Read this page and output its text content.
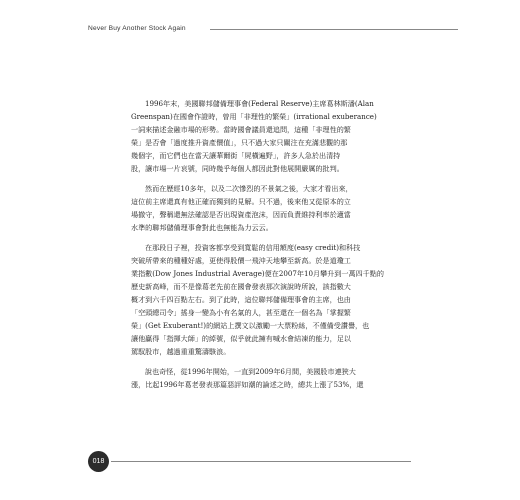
Never Buy Another Stock Again
1996年末，美國聯邦儲備理事會(Federal Reserve)主席葛林斯潘(Alan
Greenspan)在國會作證時，曾用「非理性的繁榮」(irrational exuberance)
一詞來描述金融市場的形勢。當時國會議員還追問，這種「非理性的繁
榮」是否會「過度推升資產價值」，只不過大家只關注在充滿悲觀的那
幾個字，而它們也在當天讓華爾街「屍橫遍野」，許多人急於出清持
股，讓市場一片哀號，同時幾乎每個人都因此對他展開嚴厲的批判。
然而在歷經10多年，以及二次慘烈的不景氣之後，大家才看出來，
這位前主席還真有他正確而獨到的見解。只不過，後來他又從原本的立
場撤守，聲稱還無法確認是否出現資產泡沫，因而負責維持利率於適當
水準的聯邦儲備理事會對此也無能為力云云。
在那段日子裡，投資客都享受到寬鬆的信用額度(easy credit)和科技
突破所帶來的種種好處，更使得股價一飛沖天地攀至新高。於是道瓊工
業指數(Dow Jones Industrial Average)便在2007年10月攀升到一萬四千點的
歷史新高峰，而不是像葛老先前在國會發表那次演說時所說，該指數大
概才到六千四百點左右。到了此時，這位聯邦儲備理事會的主席，也由
「空頭總司令」搖身一變為小有名氣的人，甚至還在一個名為「掌握繁
榮」(Get Exuberant!)的網站上撰文以激勵一大票粉絲，不僅備受讚譽，也
讓他贏得「指揮大師」的綽號，似乎就此擁有喊水會結凍的能力，足以
駕馭股市，越過重重驚濤駭浪。
說也奇怪，從1996年開始，一直到2009年6月間，美國股市連狹大
漲，比起1996年葛老發表那篇惡評如潮的論述之時，總共上漲了53%，還
018
